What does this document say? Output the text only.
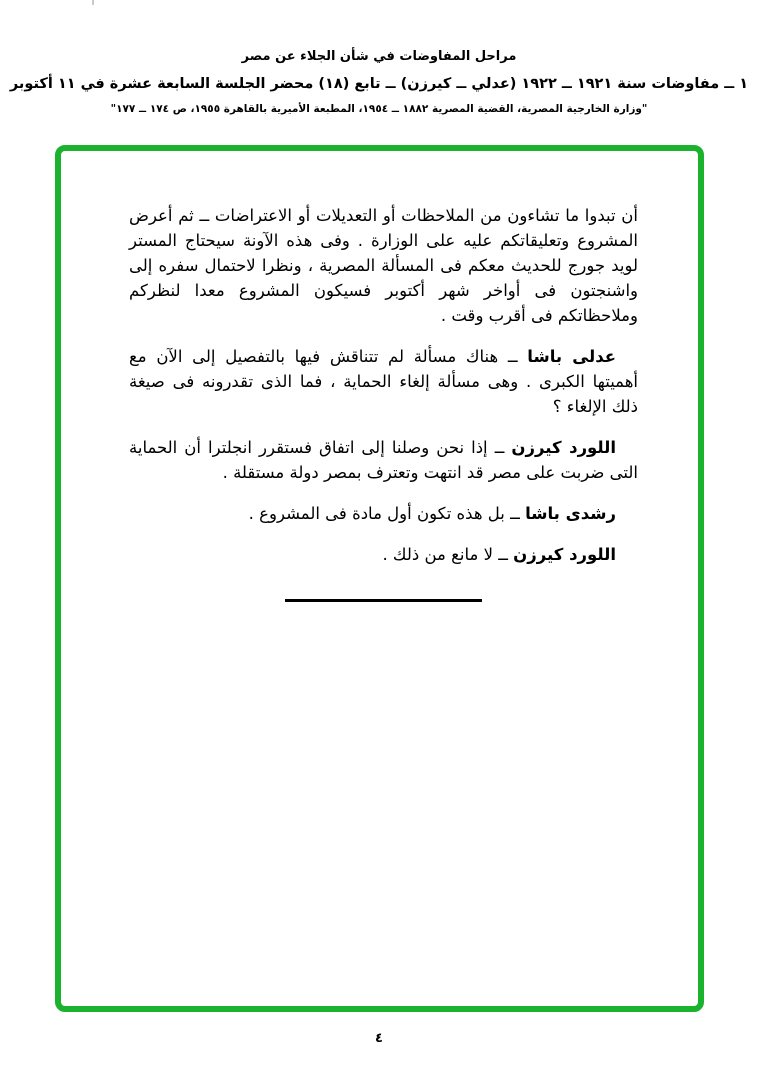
مراحل المفاوضات في شأن الجلاء عن مصر
١ ــ مفاوضات سنة ١٩٢١ ــ ١٩٢٢ (عدلي ــ كيرزن) ــ تابع (١٨) محضر الجلسة السابعة عشرة في ١١ أكتوبر
"وزارة الخارجية المصرية، القضية المصرية ١٨٨٢ ــ ١٩٥٤، المطبعة الأميرية بالقاهرة ١٩٥٥، ص ١٧٤ ــ ١٧٧"

أن تبدوا ما تشاءون من الملاحظات أو التعديلات أو الاعتراضات ــ ثم أعرض المشروع وتعليقاتكم عليه على الوزارة . وفى هذه الآونة سيحتاج المستر لويد جورج للحديث معكم فى المسألة المصرية ، ونظرا لاحتمال سفره إلى واشنجتون فى أواخر شهر أكتوبر فسيكون المشروع معدا لنظركم وملاحظاتكم فى أقرب وقت .

عدلى باشا ــ هناك مسألة لم تتناقش فيها بالتفصيل إلى الآن مع أهميتها الكبرى . وهى مسألة إلغاء الحماية ، فما الذى تقدرونه فى صيغة ذلك الإلغاء ؟

اللورد كيرزن ــ إذا نحن وصلنا إلى اتفاق فستقرر انجلترا أن الحماية التى ضربت على مصر قد انتهت وتعترف بمصر دولة مستقلة .

رشدى باشا ــ بل هذه تكون أول مادة فى المشروع .

اللورد كيرزن ــ لا مانع من ذلك .

٤
